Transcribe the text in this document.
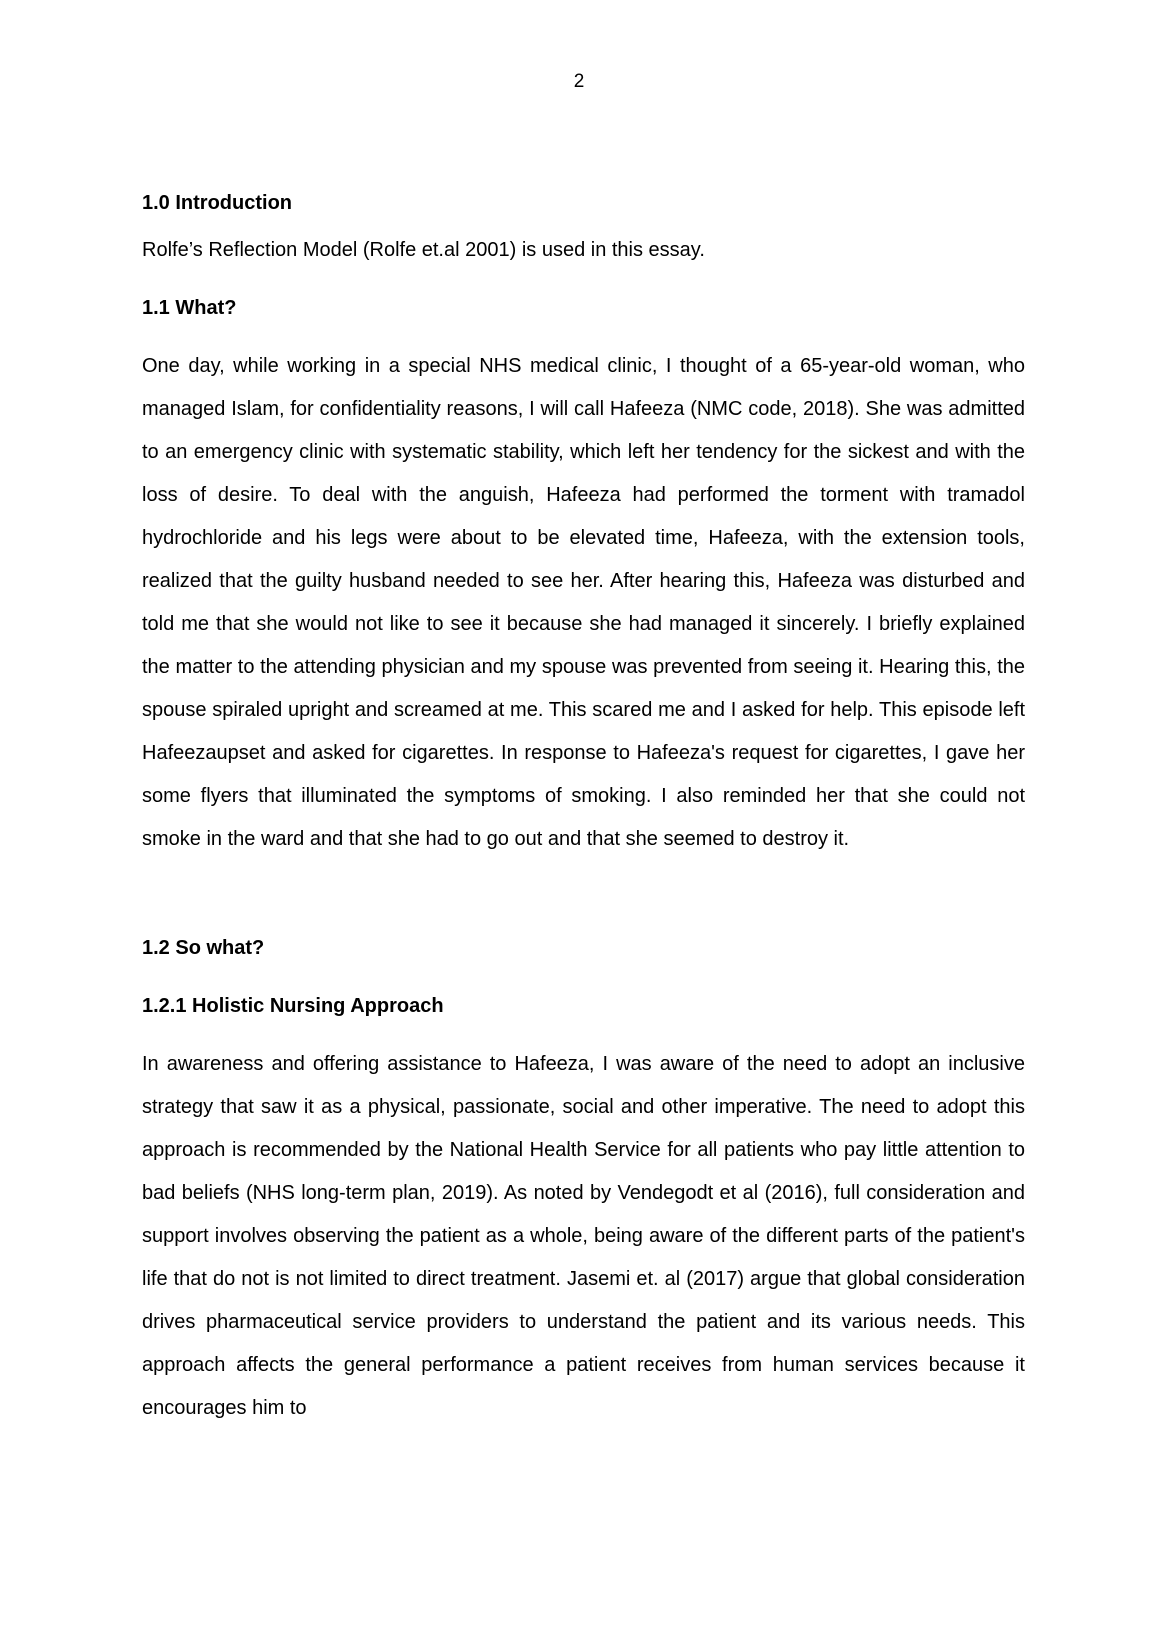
2

1.0 Introduction

Rolfe’s Reflection Model (Rolfe et.al 2001) is used in this essay.

1.1 What?

One day, while working in a special NHS medical clinic, I thought of a 65-year-old woman, who managed Islam, for confidentiality reasons, I will call Hafeeza (NMC code, 2018). She was admitted to an emergency clinic with systematic stability, which left her tendency for the sickest and with the loss of desire. To deal with the anguish, Hafeeza had performed the torment with tramadol hydrochloride and his legs were about to be elevated time, Hafeeza, with the extension tools, realized that the guilty husband needed to see her. After hearing this, Hafeeza was disturbed and told me that she would not like to see it because she had managed it sincerely. I briefly explained the matter to the attending physician and my spouse was prevented from seeing it. Hearing this, the spouse spiraled upright and screamed at me. This scared me and I asked for help. This episode left Hafeezaupset and asked for cigarettes. In response to Hafeeza's request for cigarettes, I gave her some flyers that illuminated the symptoms of smoking. I also reminded her that she could not smoke in the ward and that she had to go out and that she seemed to destroy it.

1.2 So what?

1.2.1 Holistic Nursing Approach

In awareness and offering assistance to Hafeeza, I was aware of the need to adopt an inclusive strategy that saw it as a physical, passionate, social and other imperative. The need to adopt this approach is recommended by the National Health Service for all patients who pay little attention to bad beliefs (NHS long-term plan, 2019). As noted by Vendegodt et al (2016), full consideration and support involves observing the patient as a whole, being aware of the different parts of the patient's life that do not is not limited to direct treatment. Jasemi et. al (2017) argue that global consideration drives pharmaceutical service providers to understand the patient and its various needs. This approach affects the general performance a patient receives from human services because it encourages him to
